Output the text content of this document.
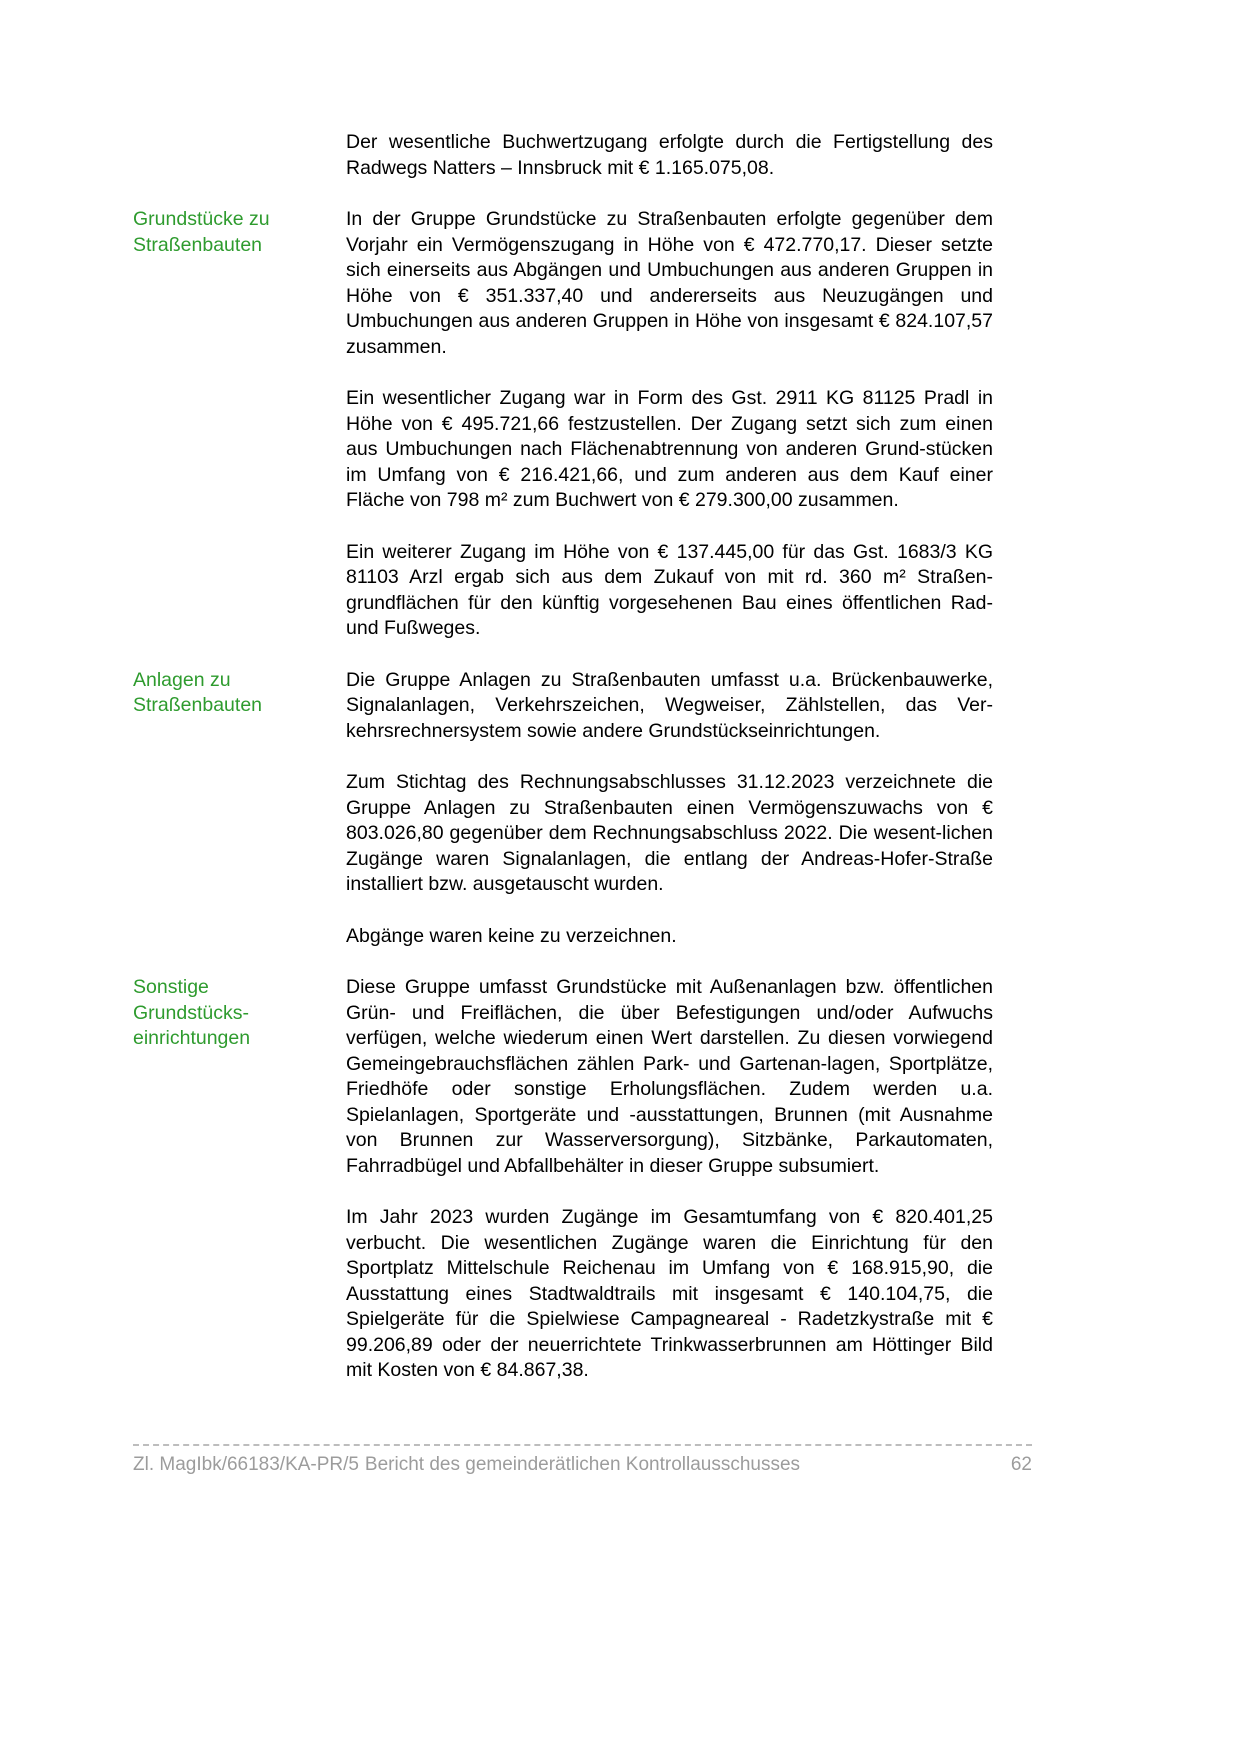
Der wesentliche Buchwertzugang erfolgte durch die Fertigstellung des Radwegs Natters – Innsbruck mit € 1.165.075,08.

Grundstücke zu Straßenbauten

In der Gruppe Grundstücke zu Straßenbauten erfolgte gegenüber dem Vorjahr ein Vermögenszugang in Höhe von € 472.770,17. Dieser setzte sich einerseits aus Abgängen und Umbuchungen aus anderen Gruppen in Höhe von € 351.337,40 und andererseits aus Neuzugängen und Umbuchungen aus anderen Gruppen in Höhe von insgesamt € 824.107,57 zusammen.

Ein wesentlicher Zugang war in Form des Gst. 2911 KG 81125 Pradl in Höhe von € 495.721,66 festzustellen. Der Zugang setzt sich zum einen aus Umbuchungen nach Flächenabtrennung von anderen Grund-stücken im Umfang von € 216.421,66, und zum anderen aus dem Kauf einer Fläche von 798 m² zum Buchwert von € 279.300,00 zusammen.

Ein weiterer Zugang im Höhe von € 137.445,00 für das Gst. 1683/3 KG 81103 Arzl ergab sich aus dem Zukauf von mit rd. 360 m² Straßen-grundflächen für den künftig vorgesehenen Bau eines öffentlichen Rad- und Fußweges.

Anlagen zu Straßenbauten

Die Gruppe Anlagen zu Straßenbauten umfasst u.a. Brückenbauwerke, Signalanlagen, Verkehrszeichen, Wegweiser, Zählstellen, das Ver-kehrsrechnersystem sowie andere Grundstückseinrichtungen.

Zum Stichtag des Rechnungsabschlusses 31.12.2023 verzeichnete die Gruppe Anlagen zu Straßenbauten einen Vermögenszuwachs von € 803.026,80 gegenüber dem Rechnungsabschluss 2022. Die wesent-lichen Zugänge waren Signalanlagen, die entlang der Andreas-Hofer-Straße installiert bzw. ausgetauscht wurden.

Abgänge waren keine zu verzeichnen.

Sonstige Grundstücks-einrichtungen

Diese Gruppe umfasst Grundstücke mit Außenanlagen bzw. öffentlichen Grün- und Freiflächen, die über Befestigungen und/oder Aufwuchs verfügen, welche wiederum einen Wert darstellen. Zu diesen vorwiegend Gemeingebrauchsflächen zählen Park- und Gartenan-lagen, Sportplätze, Friedhöfe oder sonstige Erholungsflächen. Zudem werden u.a. Spielanlagen, Sportgeräte und -ausstattungen, Brunnen (mit Ausnahme von Brunnen zur Wasserversorgung), Sitzbänke, Parkautomaten, Fahrradbügel und Abfallbehälter in dieser Gruppe subsumiert.

Im Jahr 2023 wurden Zugänge im Gesamtumfang von € 820.401,25 verbucht. Die wesentlichen Zugänge waren die Einrichtung für den Sportplatz Mittelschule Reichenau im Umfang von € 168.915,90, die Ausstattung eines Stadtwaldtrails mit insgesamt € 140.104,75, die Spielgeräte für die Spielwiese Campagneareal - Radetzkystraße mit € 99.206,89 oder der neuerrichtete Trinkwasserbrunnen am Höttinger Bild mit Kosten von € 84.867,38.

Zl. MagIbk/66183/KA-PR/5 Bericht des gemeinderätlichen Kontrollausschusses	62
